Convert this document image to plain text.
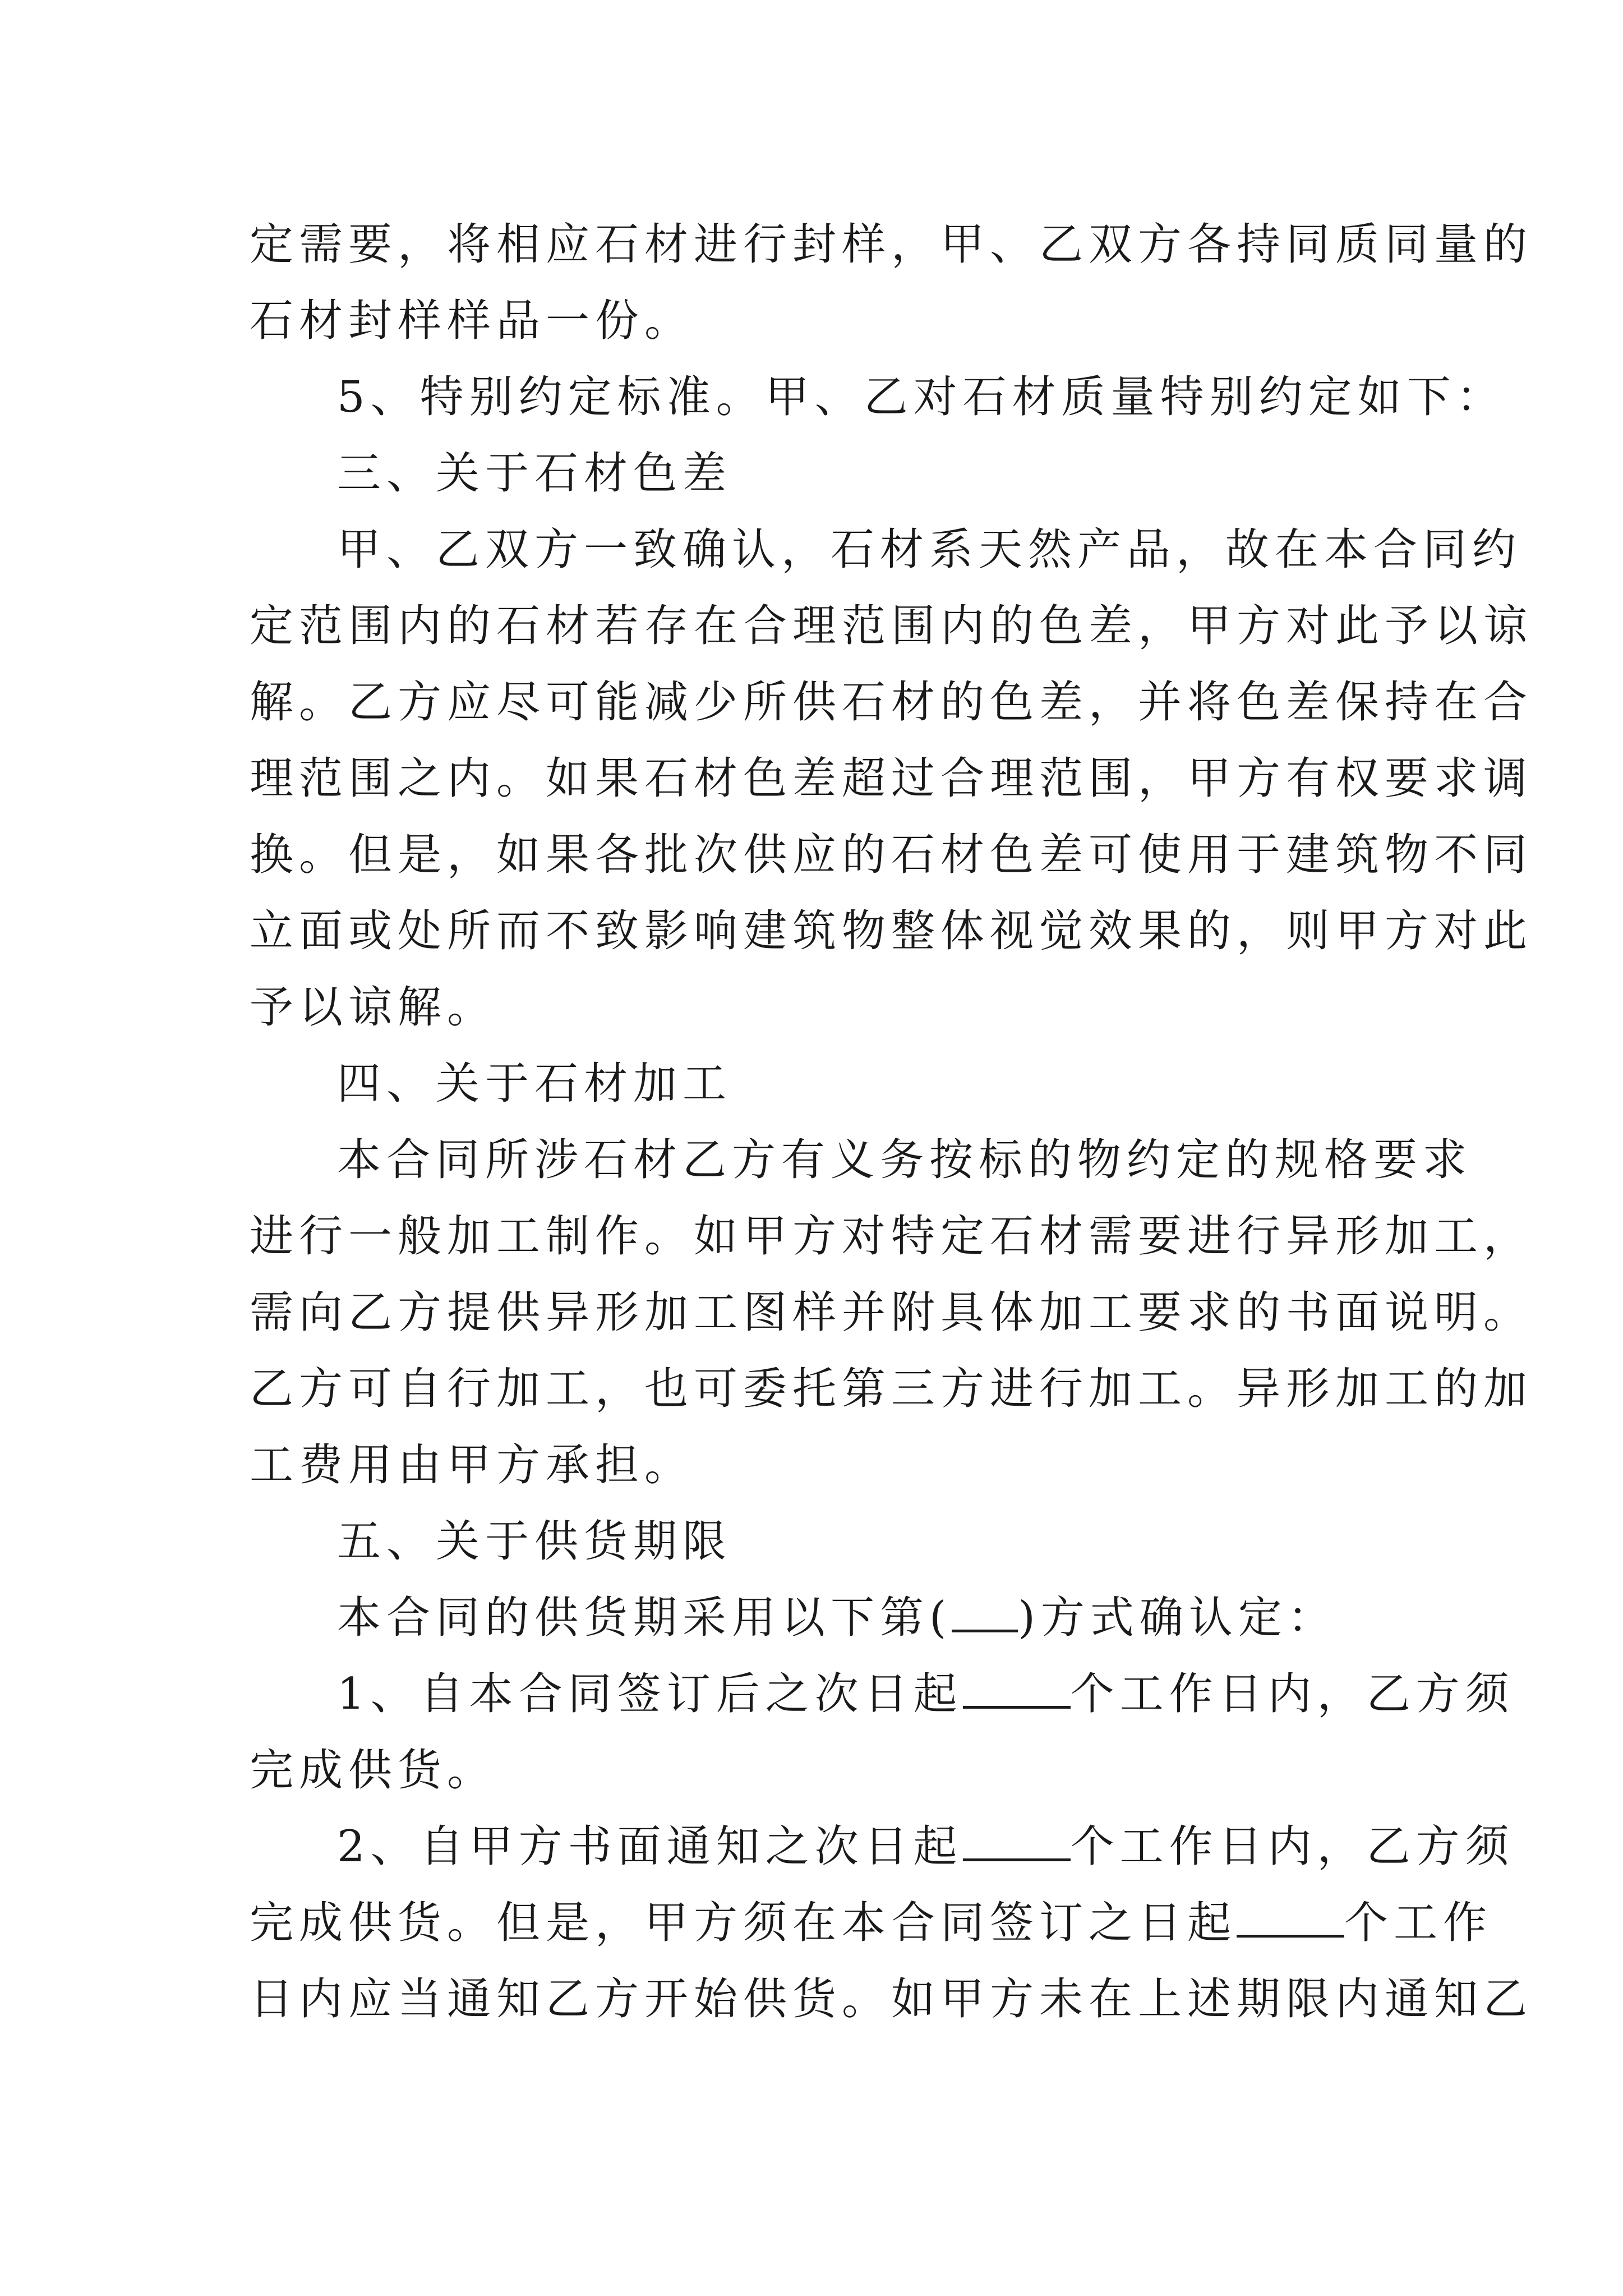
定需要，将相应石材进行封样，甲、乙双方各持同质同量的
石材封样样品一份。
5、特别约定标准。甲、乙对石材质量特别约定如下：
三、关于石材色差
甲、乙双方一致确认，石材系天然产品，故在本合同约
定范围内的石材若存在合理范围内的色差，甲方对此予以谅
解。乙方应尽可能减少所供石材的色差，并将色差保持在合
理范围之内。如果石材色差超过合理范围，甲方有权要求调
换。但是，如果各批次供应的石材色差可使用于建筑物不同
立面或处所而不致影响建筑物整体视觉效果的，则甲方对此
予以谅解。
四、关于石材加工
本合同所涉石材乙方有义务按标的物约定的规格要求
进行一般加工制作。如甲方对特定石材需要进行异形加工，
需向乙方提供异形加工图样并附具体加工要求的书面说明。
乙方可自行加工，也可委托第三方进行加工。异形加工的加
工费用由甲方承担。
五、关于供货期限
本合同的供货期采用以下第( )方式确认定：
1、自本合同签订后之次日起 个工作日内，乙方须
完成供货。
2、自甲方书面通知之次日起 个工作日内，乙方须
完成供货。但是，甲方须在本合同签订之日起 个工作
日内应当通知乙方开始供货。如甲方未在上述期限内通知乙
